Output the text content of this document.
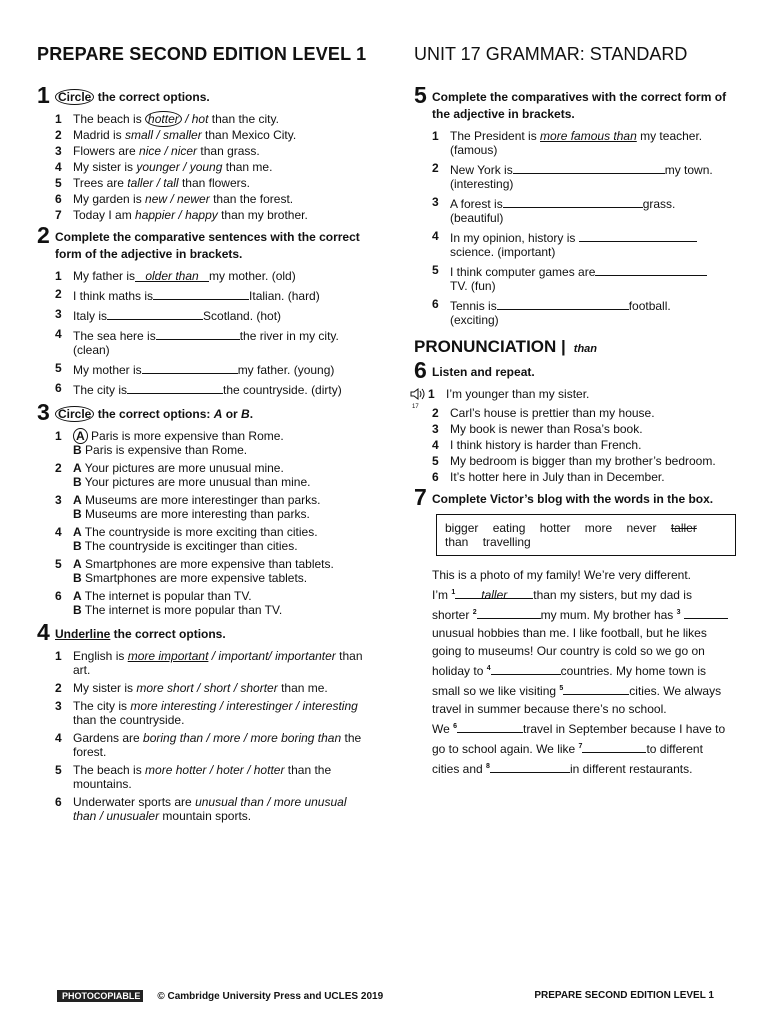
PREPARE SECOND EDITION LEVEL 1	UNIT 17 GRAMMAR: STANDARD
1 Circle the correct options.
1 The beach is hotter / hot than the city.
2 Madrid is small / smaller than Mexico City.
3 Flowers are nice / nicer than grass.
4 My sister is younger / young than me.
5 Trees are taller / tall than flowers.
6 My garden is new / newer than the forest.
7 Today I am happier / happy than my brother.
2 Complete the comparative sentences with the correct form of the adjective in brackets.
1 My father is older than my mother. (old)
2 I think maths is	Italian. (hard)
3 Italy is	Scotland. (hot)
4 The sea here is	the river in my city.
(clean)
5 My mother is	my father. (young)
6 The city is	the countryside. (dirty)
3 Circle the correct options: A or B.
1	A Paris is more expensive than Rome.
B Paris is expensive than Rome.
2 A Your pictures are more unusual mine.
B Your pictures are more unusual than mine.
3 A Museums are more interestinger than parks.
B Museums are more interesting than parks.
4 A The countryside is more exciting than cities.
B The countryside is excitinger than cities.
5 A Smartphones are more expensive than tablets.
B Smartphones are more expensive tablets.
6 A The internet is popular than TV.
B The internet is more popular than TV.
4 Underline the correct options.
1 English is more important / important/ importanter than art.
2 My sister is more short / short / shorter than me.
3 The city is more interesting / interestinger / interesting than the countryside.
4 Gardens are boring than / more / more boring than the forest.
5 The beach is more hotter / hoter / hotter than the mountains.
6 Underwater sports are unusual than / more unusual than / unusualer mountain sports.
5 Complete the comparatives with the correct form of the adjective in brackets.
1 The President is more famous than my teacher.
(famous)
2 New York is	my town.
(interesting)
3 A forest is	grass.
(beautiful)
4 In my opinion, history is
science. (important)
5 I think computer games are
TV. (fun)
6 Tennis is	football.
(exciting)
PRONUNCIATION | than
6 Listen and repeat.
17
1 I’m younger than my sister.
2 Carl’s house is prettier than my house.
3 My book is newer than Rosa’s book.
4 I think history is harder than French.
5 My bedroom is bigger than my brother’s bedroom.
6 It’s hotter here in July than in December.
7 Complete Victor’s blog with the words in the box.
bigger eating hotter more never taller than travelling
This is a photo of my family! We’re very different.
I’m $^1$ taller than my sisters, but my dad is
shorter $^2$	my mum. My brother has $^3$
unusual hobbies than me. I like football, but he likes
going to museums! Our country is cold so we go on
holiday to $^4$	countries. My home town is
small so we like visiting $^5$	cities. We always
travel in summer because there’s no school.
We $^6$	travel in September because I have to
go to school again. We like $^7$	to different
cities and $^8$	in different restaurants.
PHOTOCOPIABLE	© Cambridge University Press and UCLES 2019	PREPARE SECOND EDITION LEVEL 1
